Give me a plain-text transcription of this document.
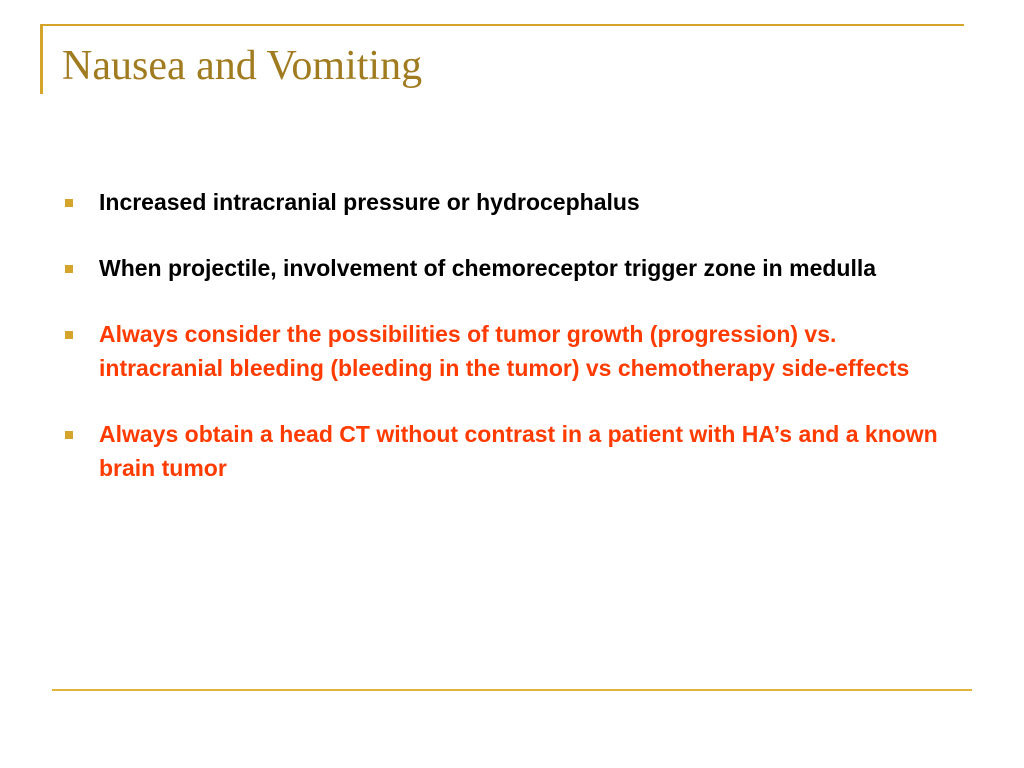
Nausea and Vomiting
Increased intracranial pressure or hydrocephalus
When projectile, involvement of chemoreceptor trigger zone in medulla
Always consider the possibilities of tumor growth (progression) vs. intracranial bleeding (bleeding in the tumor) vs chemotherapy side-effects
Always obtain a head CT without contrast in a patient with HA’s and a known brain tumor
